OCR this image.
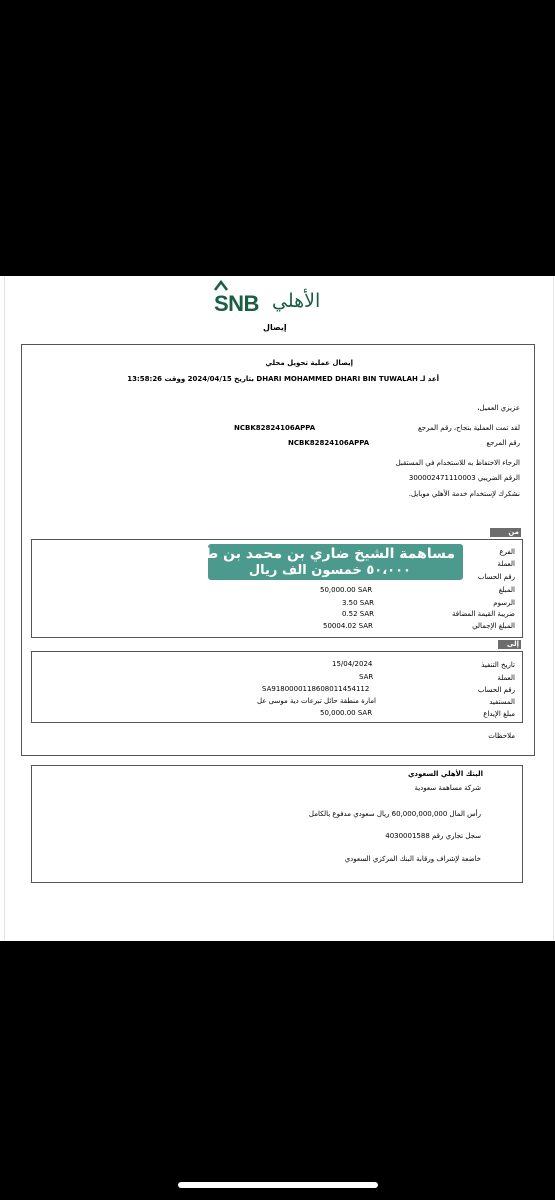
SNB الأهلي
إيصال
إيصال عملية تحويل محلي
أعد لـ DHARI MOHAMMED DHARI BIN TUWALAH بتاريخ 2024/04/15 ووقت 13:58:26
عزيزي العميل،
لقد تمت العملية بنجاح، رقم المرجع
NCBK82824106APPA
رقم المرجع
NCBK82824106APPA
الرجاء الاحتفاظ به للاستخدام في المستقبل
الرقم الضريبي 300002471110003
نشكرك لإستخدام خدمة الأهلي موبايل.
من
الفرع
العملة
رقم الحساب
المبلغ
الرسوم
ضريبة القيمة المضافة
المبلغ الإجمالي
50,000.00 SAR
3.50 SAR
0.52 SAR
50004.02 SAR
مساهمة الشيخ ضاري بن محمد بن طوالة
٥٠،٠٠٠ خمسون الف ريال
إلى
تاريخ التنفيذ
العملة
رقم الحساب
المستفيد
مبلغ الإيداع
ملاحظات
15/04/2024
SAR
SA9180000118608011454112
امارة منطقة حائل تبرعات دية موسى عل
50,000.00 SAR
البنك الأهلي السعودي
شركة مساهمة سعودية
رأس المال 60,000,000,000 ريال سعودي مدفوع بالكامل
سجل تجاري رقم 4030001588
خاضعة لإشراف ورقابة البنك المركزي السعودي
